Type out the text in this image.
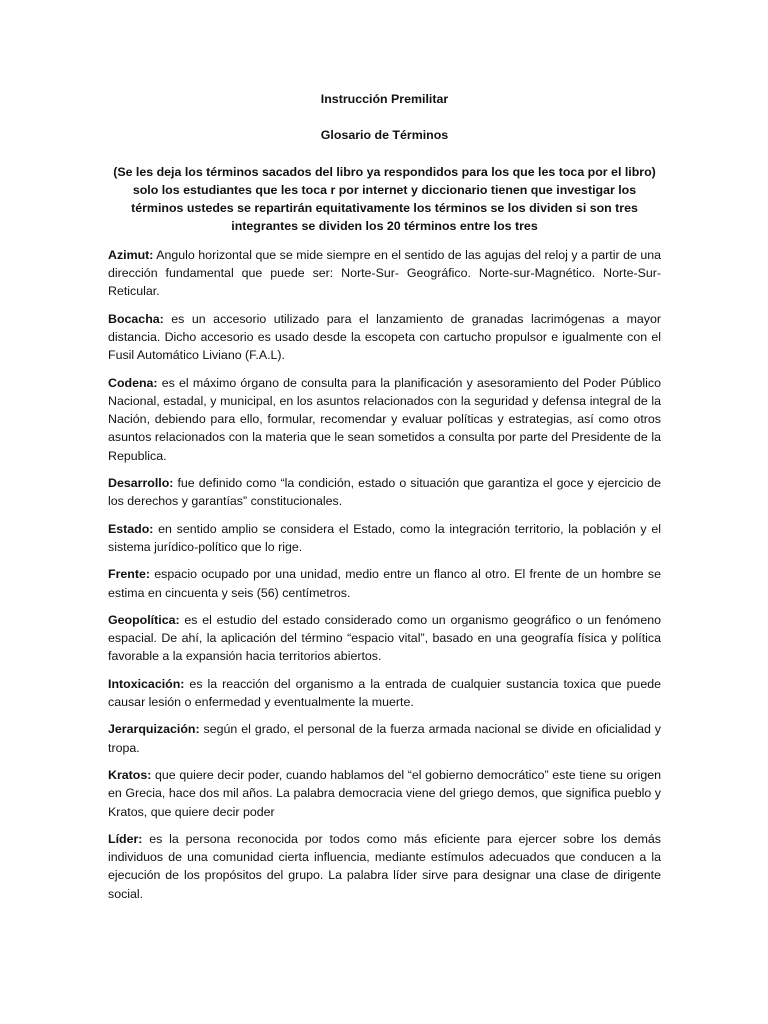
Instrucción Premilitar

Glosario de Términos

(Se les deja los términos sacados del libro ya respondidos para los que les toca por el libro) solo los estudiantes que les toca r por internet y diccionario tienen que investigar los términos ustedes se repartirán equitativamente los términos se los dividen si son tres integrantes se dividen los 20 términos entre los tres

Azimut: Angulo horizontal que se mide siempre en el sentido de las agujas del reloj y a partir de una dirección fundamental que puede ser: Norte-Sur- Geográfico. Norte-sur-Magnético. Norte-Sur-Reticular.

Bocacha: es un accesorio utilizado para el lanzamiento de granadas lacrimógenas a mayor distancia. Dicho accesorio es usado desde la escopeta con cartucho propulsor e igualmente con el Fusil Automático Liviano (F.A.L).

Codena: es el máximo órgano de consulta para la planificación y asesoramiento del Poder Público Nacional, estadal, y municipal, en los asuntos relacionados con la seguridad y defensa integral de la Nación, debiendo para ello, formular, recomendar y evaluar políticas y estrategias, así como otros asuntos relacionados con la materia que le sean sometidos a consulta por parte del Presidente de la Republica.

Desarrollo: fue definido como “la condición, estado o situación que garantiza el goce y ejercicio de los derechos y garantías” constitucionales.

Estado: en sentido amplio se considera el Estado, como la integración territorio, la población y el sistema jurídico-político que lo rige.

Frente: espacio ocupado por una unidad, medio entre un flanco al otro. El frente de un hombre se estima en cincuenta y seis (56) centímetros.

Geopolítica: es el estudio del estado considerado como un organismo geográfico o un fenómeno espacial. De ahí, la aplicación del término “espacio vital”, basado en una geografía física y política favorable a la expansión hacia territorios abiertos.

Intoxicación: es la reacción del organismo a la entrada de cualquier sustancia toxica que puede causar lesión o enfermedad y eventualmente la muerte.

Jerarquización: según el grado, el personal de la fuerza armada nacional se divide en oficialidad y tropa.

Kratos: que quiere decir poder, cuando hablamos del “el gobierno democrático” este tiene su origen en Grecia, hace dos mil años. La palabra democracia viene del griego demos, que significa pueblo y Kratos, que quiere decir poder

Líder: es la persona reconocida por todos como más eficiente para ejercer sobre los demás individuos de una comunidad cierta influencia, mediante estímulos adecuados que conducen a la ejecución de los propósitos del grupo. La palabra líder sirve para designar una clase de dirigente social.
